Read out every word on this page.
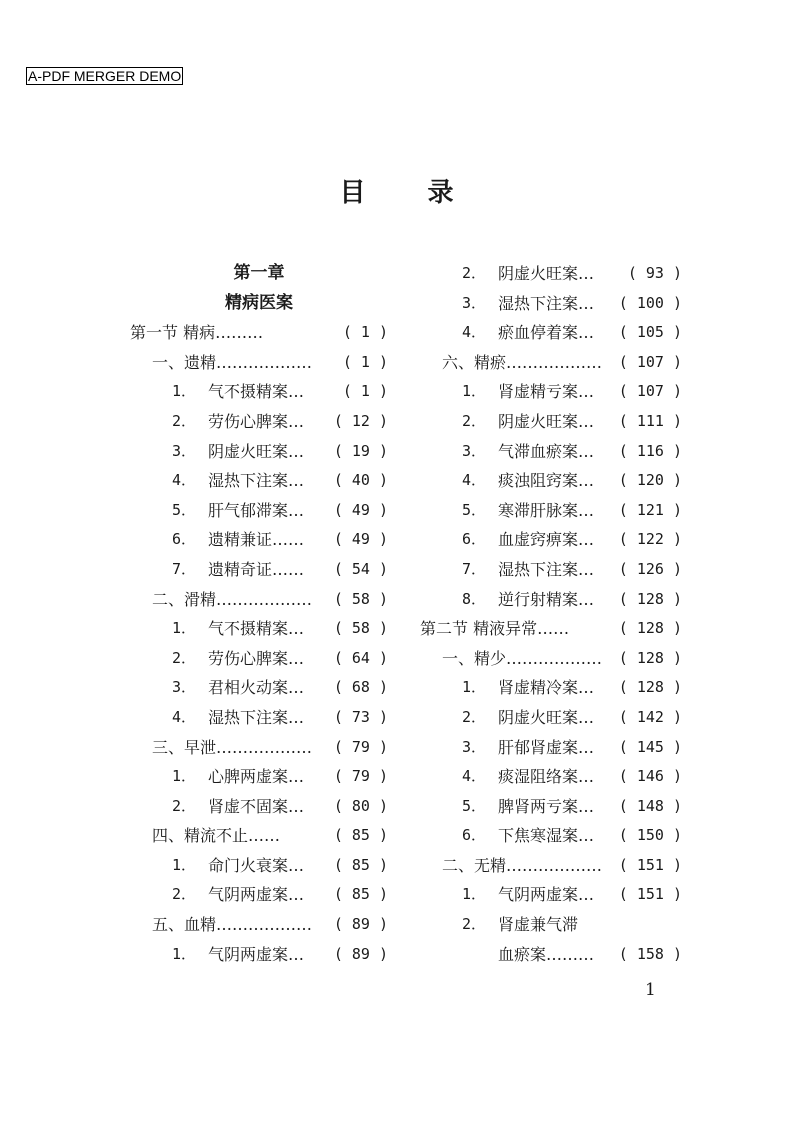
A-PDF MERGER DEMO
目 录
第一章
精病医案
第一节 精病………	( 1 )
一、遗精……………… ( 1 )
1． 气不摄精案…	( 1 )
2． 劳伤心脾案… ( 12 )
3． 阴虚火旺案… ( 19 )
4． 湿热下注案… ( 40 )
5． 肝气郁滞案… ( 49 )
6． 遗精兼证…… ( 49 )
7． 遗精奇证…… ( 54 )
二、滑精……………… ( 58 )
1． 气不摄精案… ( 58 )
2． 劳伤心脾案… ( 64 )
3． 君相火动案… ( 68 )
4． 湿热下注案… ( 73 )
三、早泄……………… ( 79 )
1． 心脾两虚案… ( 79 )
2． 肾虚不固案… ( 80 )
四、精流不止……	( 85 )
1． 命门火衰案… ( 85 )
2． 气阴两虚案… ( 85 )
五、血精……………… ( 89 )
1． 气阴两虚案… ( 89 )
2． 阴虚火旺案… ( 93 )
3． 湿热下注案… ( 100 )
4． 瘀血停着案… ( 105 )
六、精瘀……………… ( 107 )
1． 肾虚精亏案… ( 107 )
2． 阴虚火旺案… ( 111 )
3． 气滞血瘀案… ( 116 )
4． 痰浊阻窍案… ( 120 )
5． 寒滞肝脉案… ( 121 )
6． 血虚窍痹案… ( 122 )
7． 湿热下注案… ( 126 )
8． 逆行射精案… ( 128 )
第二节 精液异常……	( 128 )
一、精少……………… ( 128 )
1． 肾虚精冷案… ( 128 )
2． 阴虚火旺案… ( 142 )
3． 肝郁肾虚案… ( 145 )
4． 痰湿阻络案… ( 146 )
5． 脾肾两亏案… ( 148 )
6． 下焦寒湿案… ( 150 )
二、无精……………… ( 151 )
1． 气阴两虚案… ( 151 )
2． 肾虚兼气滞
血瘀案……… ( 158 )
1
